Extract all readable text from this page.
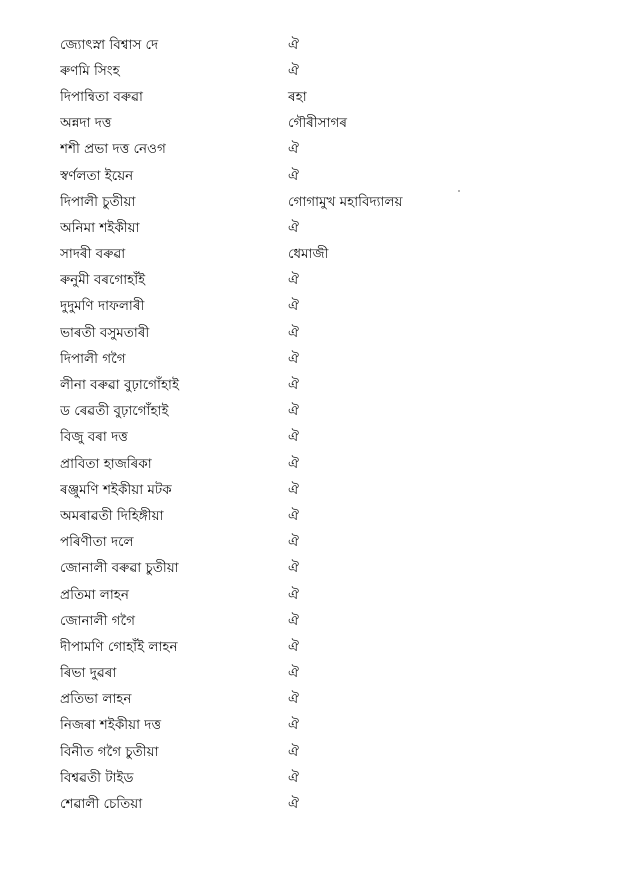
জ্যোৎস্না বিশ্বাস দে	ঐ
ৰুণমি সিংহ	ঐ
দিপান্বিতা বৰুৱা	ৰহা
অন্নদা দত্ত	গৌৰীসাগৰ
শশী প্ৰভা দত্ত নেওগ	ঐ
স্বৰ্ণলতা ইয়েন	ঐ
দিপালী চুতীয়া	গোগামুখ মহাবিদ্যালয়
অনিমা শইকীয়া	ঐ
সাদৰী বৰুৱা	ধেমাজী
ৰুনুমী বৰগোহাঁই	ঐ
দুদুমণি দাফলাৰী	ঐ
ভাৰতী বসুমতাৰী	ঐ
দিপালী গগৈ	ঐ
লীনা বৰুৱা বুঢ়াগোঁহাই	ঐ
ড ৰেৱতী বুঢ়াগোঁহাই	ঐ
বিজু বৰা দত্ত	ঐ
প্ৰাবিতা হাজৰিকা	ঐ
ৰঞ্জুমণি শইকীয়া মটক	ঐ
অমৰাৱতী দিহিঙ্গীয়া	ঐ
পৰিণীতা দলে	ঐ
জোনালী বৰুৱা চুতীয়া	ঐ
প্ৰতিমা লাহন	ঐ
জোনালী গগৈ	ঐ
দীপামণি গোহাঁই লাহন	ঐ
ৰিভা দুৱৰা	ঐ
প্ৰতিভা লাহন	ঐ
নিজৰা শইকীয়া দত্ত	ঐ
বিনীত গগৈ চুতীয়া	ঐ
বিশ্বৱতী টাইড	ঐ
শেৱালী চেতিয়া	ঐ
